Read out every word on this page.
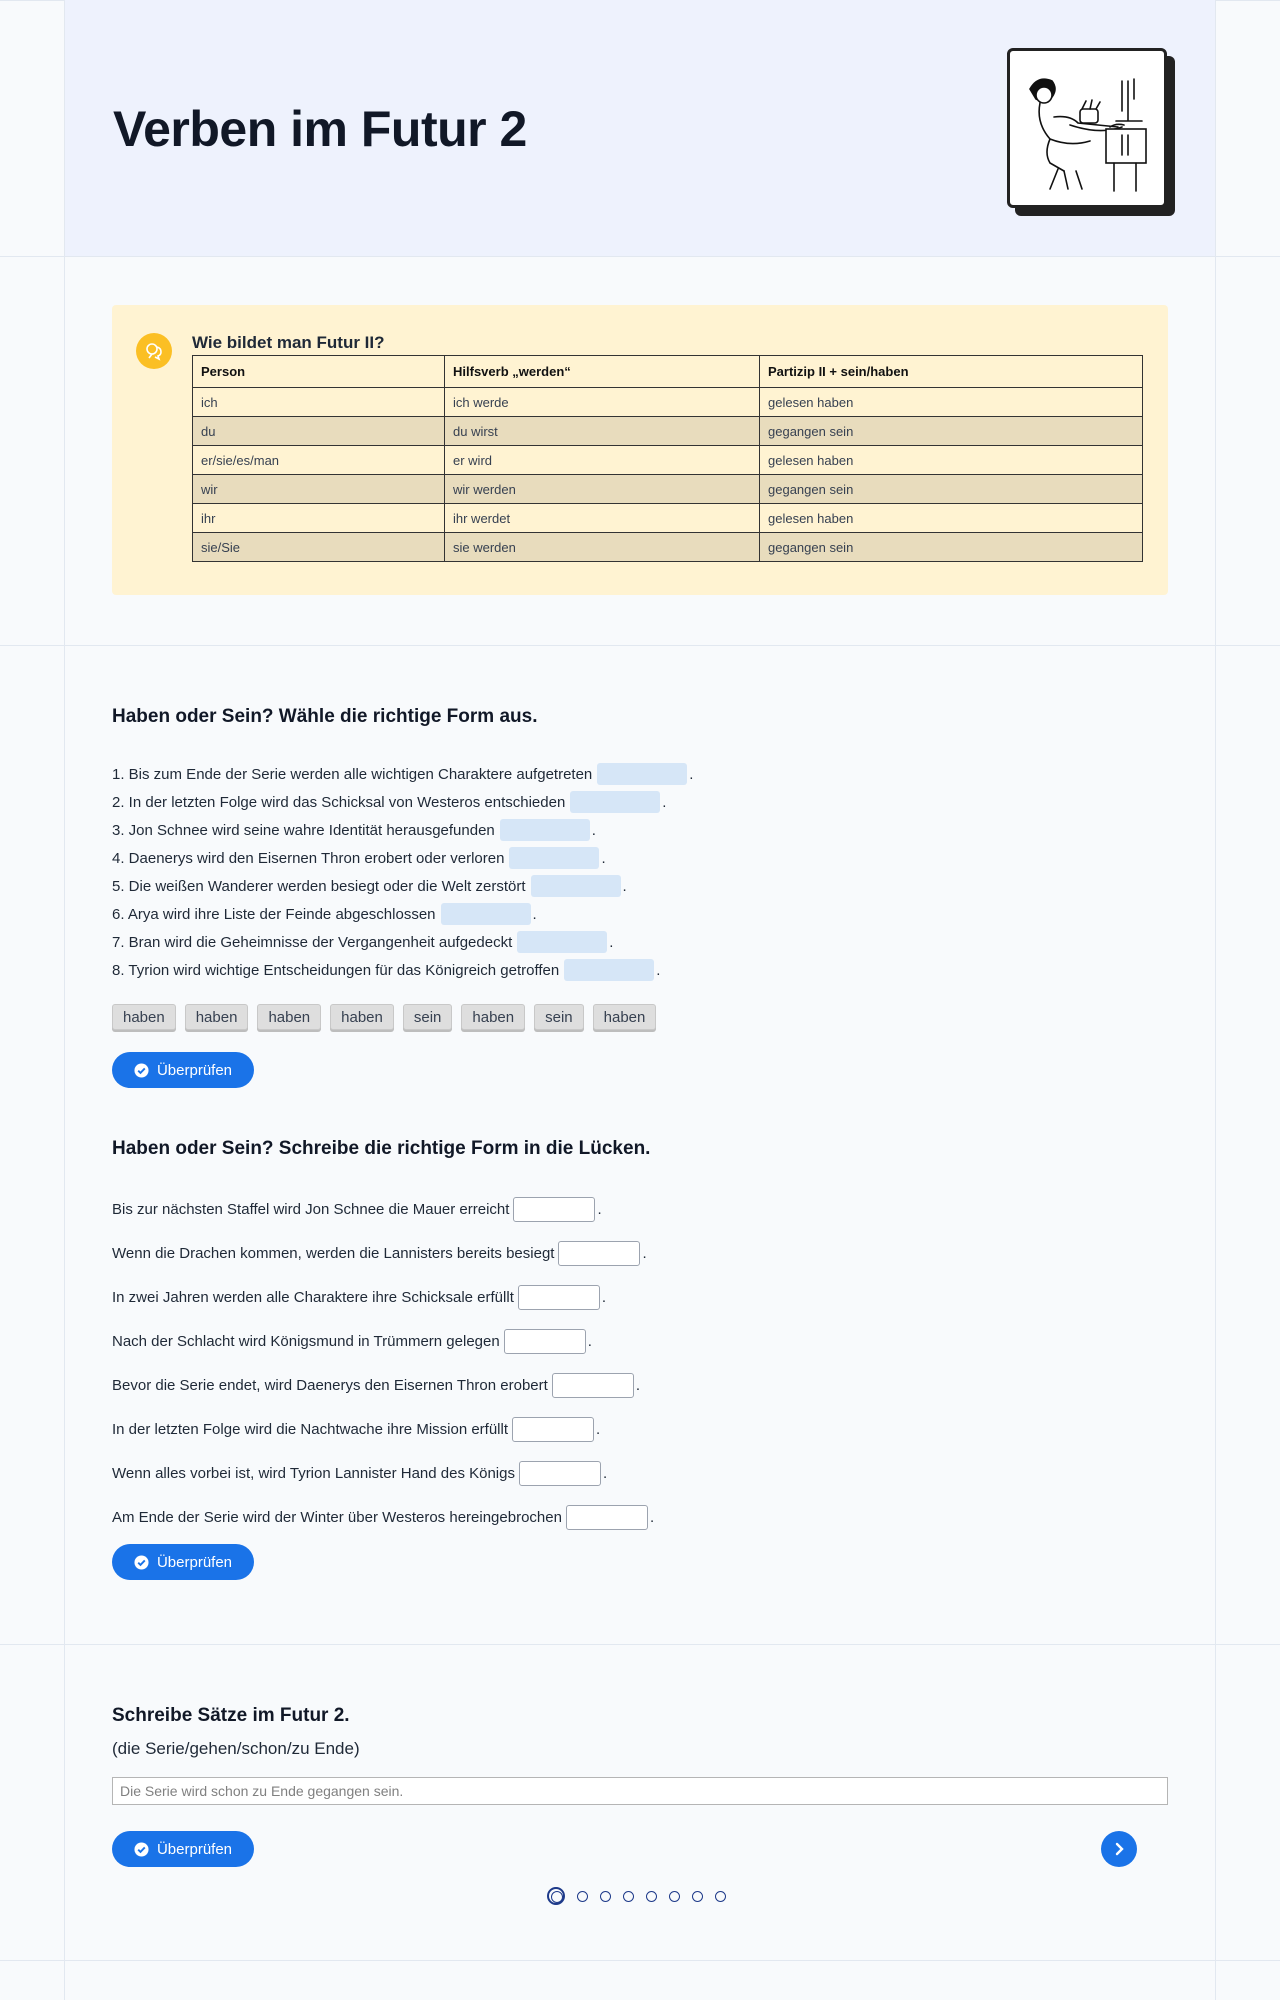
Verben im Futur 2
Wie bildet man Futur II?
Person	Hilfsverb „werden“	Partizip II + sein/haben
ich	ich werde	gelesen haben
du	du wirst	gegangen sein
er/sie/es/man	er wird	gelesen haben
wir	wir werden	gegangen sein
ihr	ihr werdet	gelesen haben
sie/Sie	sie werden	gegangen sein
Haben oder Sein? Wähle die richtige Form aus.
1. Bis zum Ende der Serie werden alle wichtigen Charaktere aufgetreten	.
2. In der letzten Folge wird das Schicksal von Westeros entschieden	.
3. Jon Schnee wird seine wahre Identität herausgefunden	.
4. Daenerys wird den Eisernen Thron erobert oder verloren	.
5. Die weißen Wanderer werden besiegt oder die Welt zerstört	.
6. Arya wird ihre Liste der Feinde abgeschlossen	.
7. Bran wird die Geheimnisse der Vergangenheit aufgedeckt	.
8. Tyrion wird wichtige Entscheidungen für das Königreich getroffen	.
haben	haben	haben	haben	sein	haben	sein	haben
Überprüfen
Haben oder Sein? Schreibe die richtige Form in die Lücken.
Bis zur nächsten Staffel wird Jon Schnee die Mauer erreicht	.
Wenn die Drachen kommen, werden die Lannisters bereits besiegt	.
In zwei Jahren werden alle Charaktere ihre Schicksale erfüllt	.
Nach der Schlacht wird Königsmund in Trümmern gelegen	.
Bevor die Serie endet, wird Daenerys den Eisernen Thron erobert	.
In der letzten Folge wird die Nachtwache ihre Mission erfüllt	.
Wenn alles vorbei ist, wird Tyrion Lannister Hand des Königs	.
Am Ende der Serie wird der Winter über Westeros hereingebrochen	.
Überprüfen
Schreibe Sätze im Futur 2.
(die Serie/gehen/schon/zu Ende)
Die Serie wird schon zu Ende gegangen sein.
Überprüfen
